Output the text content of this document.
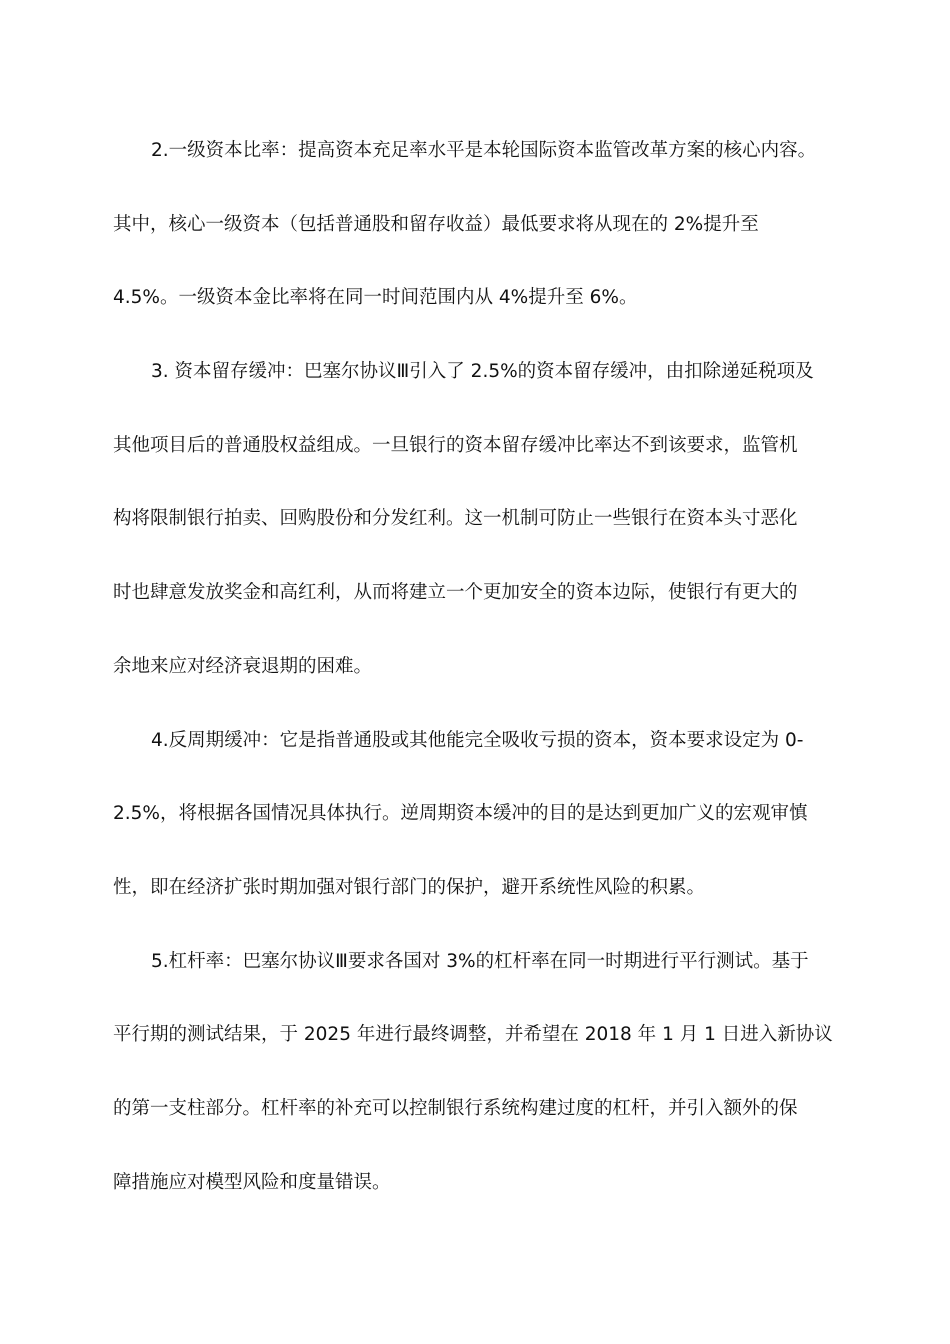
2.一级资本比率：提高资本充足率水平是本轮国际资本监管改革方案的核心内容。
其中，核心一级资本（包括普通股和留存收益）最低要求将从现在的 2%提升至
4.5%。一级资本金比率将在同一时间范围内从 4%提升至 6%。
3. 资本留存缓冲：巴塞尔协议Ⅲ引入了 2.5%的资本留存缓冲，由扣除递延税项及
其他项目后的普通股权益组成。一旦银行的资本留存缓冲比率达不到该要求，监管机
构将限制银行拍卖、回购股份和分发红利。这一机制可防止一些银行在资本头寸恶化
时也肆意发放奖金和高红利，从而将建立一个更加安全的资本边际，使银行有更大的
余地来应对经济衰退期的困难。
4.反周期缓冲：它是指普通股或其他能完全吸收亏损的资本，资本要求设定为 0-
2.5%，将根据各国情况具体执行。逆周期资本缓冲的目的是达到更加广义的宏观审慎
性，即在经济扩张时期加强对银行部门的保护，避开系统性风险的积累。
5.杠杆率：巴塞尔协议Ⅲ要求各国对 3%的杠杆率在同一时期进行平行测试。基于
平行期的测试结果，于 2025 年进行最终调整，并希望在 2018 年 1 月 1 日进入新协议
的第一支柱部分。杠杆率的补充可以控制银行系统构建过度的杠杆，并引入额外的保
障措施应对模型风险和度量错误。
